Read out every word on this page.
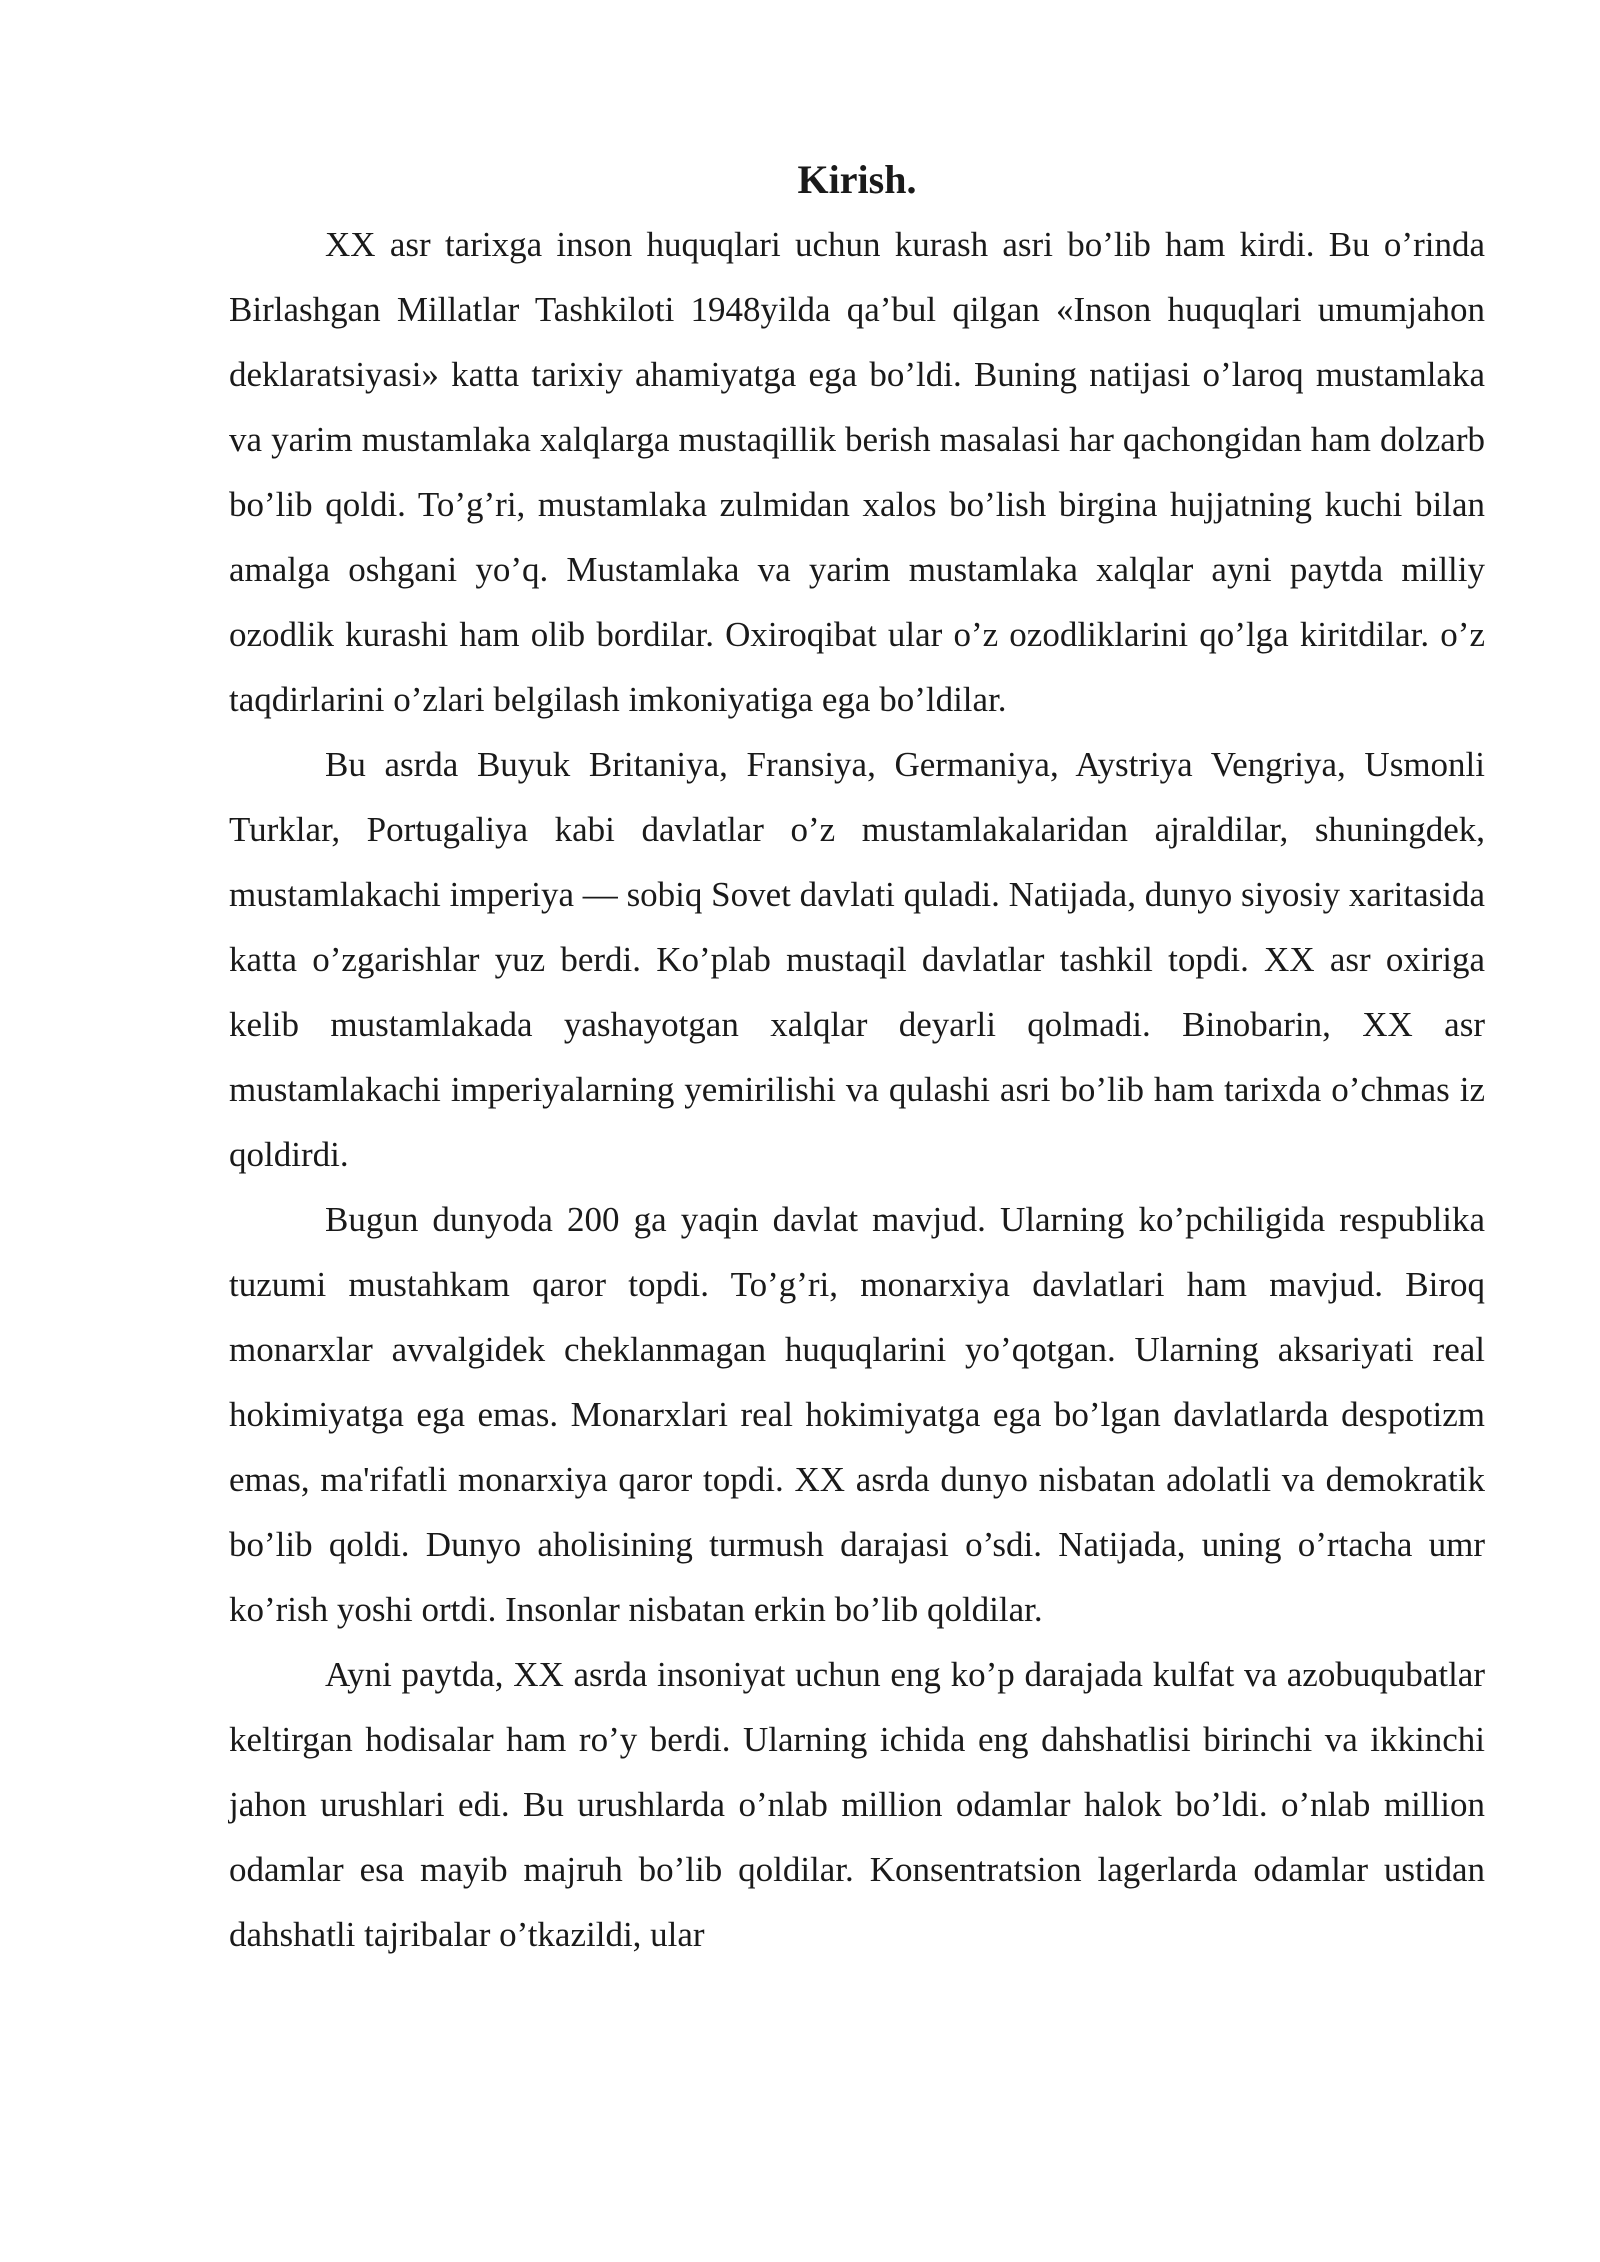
Kirish.

XX asr tarixga inson huquqlari uchun kurash asri bo’lib ham kirdi. Bu o’rinda Birlashgan Millatlar Tashkiloti 1948yilda qa’bul qilgan «Inson huquqlari umumjahon deklaratsiyasi» katta tarixiy ahamiyatga ega bo’ldi. Buning natijasi o’laroq mustamlaka va yarim mustamlaka xalqlarga mustaqillik berish masalasi har qachongidan ham dolzarb bo’lib qoldi. To’g’ri, mustamlaka zulmidan xalos bo’lish birgina hujjatning kuchi bilan amalga oshgani yo’q. Mustamlaka va yarim mustamlaka xalqlar ayni paytda milliy ozodlik kurashi ham olib bordilar. Oxiroqibat ular o’z ozodliklarini qo’lga kiritdilar. o’z taqdirlarini o’zlari belgilash imkoniyatiga ega bo’ldilar.

Bu asrda Buyuk Britaniya, Fransiya, Germaniya, Aystriya Vengriya, Usmonli Turklar, Portugaliya kabi davlatlar o’z mustamlakalaridan ajraldilar, shuningdek, mustamlakachi imperiya — sobiq Sovet davlati quladi. Natijada, dunyo siyosiy xaritasida katta o’zgarishlar yuz berdi. Ko’plab mustaqil davlatlar tashkil topdi. XX asr oxiriga kelib mustamlakada yashayotgan xalqlar deyarli qolmadi. Binobarin, XX asr mustamlakachi imperiyalarning yemirilishi va qulashi asri bo’lib ham tarixda o’chmas iz qoldirdi.

Bugun dunyoda 200 ga yaqin davlat mavjud. Ularning ko’pchiligida respublika tuzumi mustahkam qaror topdi. To’g’ri, monarxiya davlatlari ham mavjud. Biroq monarxlar avvalgidek cheklanmagan huquqlarini yo’qotgan. Ularning aksariyati real hokimiyatga ega emas. Monarxlari real hokimiyatga ega bo’lgan davlatlarda despotizm emas, ma'rifatli monarxiya qaror topdi. XX asrda dunyo nisbatan adolatli va demokratik bo’lib qoldi. Dunyo aholisining turmush darajasi o’sdi. Natijada, uning o’rtacha umr ko’rish yoshi ortdi. Insonlar nisbatan erkin bo’lib qoldilar.

Ayni paytda, XX asrda insoniyat uchun eng ko’p darajada kulfat va azobuqubatlar keltirgan hodisalar ham ro’y berdi. Ularning ichida eng dahshatlisi birinchi va ikkinchi jahon urushlari edi. Bu urushlarda o’nlab million odamlar halok bo’ldi. o’nlab million odamlar esa mayib majruh bo’lib qoldilar. Konsentratsion lagerlarda odamlar ustidan dahshatli tajribalar o’tkazildi, ular
